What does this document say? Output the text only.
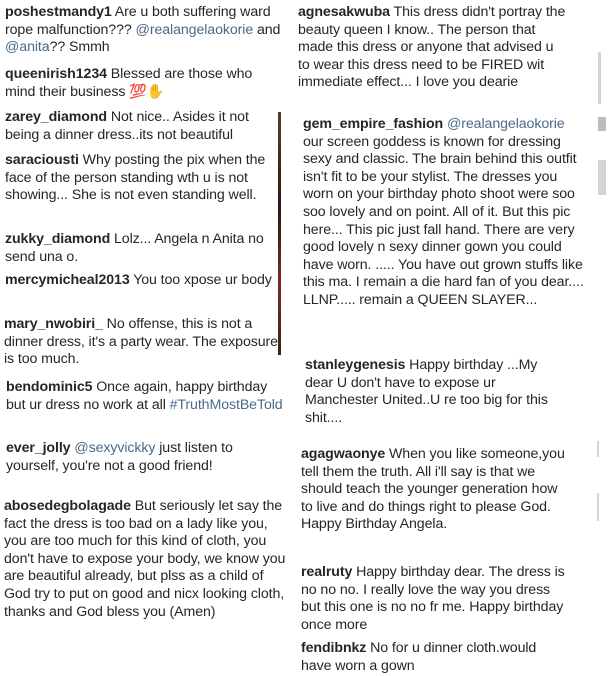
poshestmandy1 Are u both suffering ward rope malfunction??? @realangelaokorie and @anita?? Smmh
queenirish1234 Blessed are those who mind their business 💯✋
zarey_diamond Not nice.. Asides it not being a dinner dress..its not beautiful
saraciousti Why posting the pix when the face of the person standing wth u is not showing... She is not even standing well.
zukky_diamond Lolz... Angela n Anita no send una o.
mercymicheal2013 You too xpose ur body
mary_nwobiri_ No offense, this is not a dinner dress, it's a party wear. The exposure is too much.
bendominic5 Once again, happy birthday but ur dress no work at all #TruthMostBeTold
ever_jolly @sexyvickky just listen to yourself, you're not a good friend!
abosedegbolagade But seriously let say the fact the dress is too bad on a lady like you, you are too much for this kind of cloth, you don't have to expose your body, we know you are beautiful already, but plss as a child of God try to put on good and nicx looking cloth, thanks and God bless you (Amen)
agnesakwuba This dress didn't portray the beauty queen I know.. The person that made this dress or anyone that advised u to wear this dress need to be FIRED wit immediate effect... I love you dearie
gem_empire_fashion @realangelaokorie our screen goddess is known for dressing sexy and classic. The brain behind this outfit isn't fit to be your stylist. The dresses you worn on your birthday photo shoot were soo soo lovely and on point. All of it. But this pic here... This pic just fall hand. There are very good lovely n sexy dinner gown you could have worn. ..... You have out grown stuffs like this ma. I remain a die hard fan of you dear.... LLNP..... remain a QUEEN SLAYER...
stanleygenesis Happy birthday ...My dear U don't have to expose ur Manchester United..U re too big for this shit....
agagwaonye When you like someone,you tell them the truth. All i'll say is that we should teach the younger generation how to live and do things right to please God. Happy Birthday Angela.
realruty Happy birthday dear. The dress is no no no. I really love the way you dress but this one is no no fr me. Happy birthday once more
fendibnkz No for u dinner cloth.would have worn a gown
